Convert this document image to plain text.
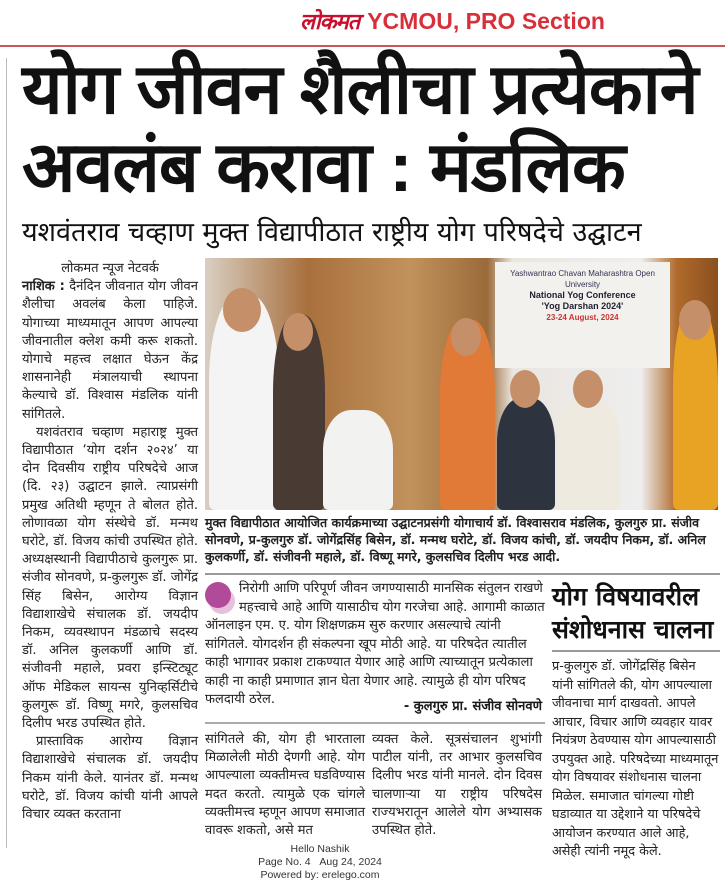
लोकमत YCMOU, PRO Section
योग जीवन शैलीचा प्रत्येकाने अवलंब करावा : मंडलिक
यशवंतराव चव्हाण मुक्त विद्यापीठात राष्ट्रीय योग परिषदेचे उद्घाटन

लोकमत न्यूज नेटवर्क

नाशिक : दैनंदिन जीवनात योग जीवन शैलीचा अवलंब केला पाहिजे. योगाच्या माध्यमातून आपण आपल्या जीवनातील क्लेश कमी करू शकतो. योगाचे महत्त्व लक्षात घेऊन केंद्र शासनानेही मंत्रालयाची स्थापना केल्याचे डॉ. विश्वास मंडलिक यांनी सांगितले.

यशवंतराव चव्हाण महाराष्ट्र मुक्त विद्यापीठात ‘योग दर्शन २०२४’ या दोन दिवसीय राष्ट्रीय परिषदेचे आज (दि. २३) उद्घाटन झाले. त्याप्रसंगी प्रमुख अतिथी म्हणून ते बोलत होते. लोणावळा योग संस्थेचे डॉ. मन्मथ घरोटे, डॉ. विजय कांची उपस्थित होते. अध्यक्षस्थानी विद्यापीठाचे कुलगुरू प्रा. संजीव सोनवणे, प्र-कुलगुरू डॉ. जोगेंद्र सिंह बिसेन, आरोग्य विज्ञान विद्याशाखेचे संचालक डॉ. जयदीप निकम, व्यवस्थापन मंडळाचे सदस्य डॉ. अनिल कुलकर्णी आणि डॉ. संजीवनी महाले, प्रवरा इन्स्टिट्यूट ऑफ मेडिकल सायन्स युनिव्हर्सिटीचे कुलगुरू डॉ. विष्णू मगरे, कुलसचिव दिलीप भरड उपस्थित होते.

प्रास्ताविक आरोग्य विज्ञान विद्याशाखेचे संचालक डॉ. जयदीप निकम यांनी केले. यानंतर डॉ. मन्मथ घरोटे, डॉ. विजय कांची यांनी आपले विचार व्यक्त करताना

Yashwantrao Chavan Maharashtra Open University
National Yog Conference
'Yog Darshan 2024'
23-24 August, 2024
मुक्त विद्यापीठात आयोजित कार्यक्रमाच्या उद्घाटनप्रसंगी योगाचार्य डॉ. विश्वासराव मंडलिक, कुलगुरु प्रा. संजीव सोनवणे, प्र-कुलगुरु डॉ. जोगेंद्रसिंह बिसेन, डॉ. मन्मथ घरोटे, डॉ. विजय कांची, डॉ. जयदीप निकम, डॉ. अनिल कुलकर्णी, डॉ. संजीवनी महाले, डॉ. विष्णू मगरे, कुलसचिव दिलीप भरड आदी.
निरोगी आणि परिपूर्ण जीवन जगण्यासाठी मानसिक संतुलन राखणे महत्त्वाचे आहे आणि यासाठीच योग गरजेचा आहे. आगामी काळात ऑनलाइन एम. ए. योग शिक्षणक्रम सुरु करणार असल्याचे त्यांनी सांगितले. योगदर्शन ही संकल्पना खूप मोठी आहे. या परिषदेत त्यातील काही भागावर प्रकाश टाकण्यात येणार आहे आणि त्याच्यातून प्रत्येकाला काही ना काही प्रमाणात ज्ञान घेता येणार आहे. त्यामुळे ही योग परिषद फलदायी ठरेल.	- कुलगुरु प्रा. संजीव सोनवणे
सांगितले की, योग ही भारताला मिळालेली मोठी देणगी आहे. योग आपल्याला व्यक्तीमत्त्व घडविण्यास मदत करतो. त्यामुळे एक चांगले व्यक्तीमत्त्व म्हणून आपण समाजात वावरू शकतो, असे मत
व्यक्त केले. सूत्रसंचालन शुभांगी पाटील यांनी, तर आभार कुलसचिव दिलीप भरड यांनी मानले. दोन दिवस चालणाऱ्या या राष्ट्रीय परिषदेस राज्यभरातून आलेले योग अभ्यासक उपस्थित होते.
योग विषयावरील संशोधनास चालना
प्र-कुलगुरु डॉ. जोगेंद्रसिंह बिसेन यांनी सांगितले की, योग आपल्याला जीवनाचा मार्ग दाखवतो. आपले आचार, विचार आणि व्यवहार यावर नियंत्रण ठेवण्यास योग आपल्यासाठी उपयुक्त आहे. परिषदेच्या माध्यमातून योग विषयावर संशोधनास चालना मिळेल. समाजात चांगल्या गोष्टी घडाव्यात या उद्देशाने या परिषदेचे आयोजन करण्यात आले आहे, असेही त्यांनी नमूद केले.
Hello Nashik
Page No. 4 Aug 24, 2024
Powered by: erelego.com
